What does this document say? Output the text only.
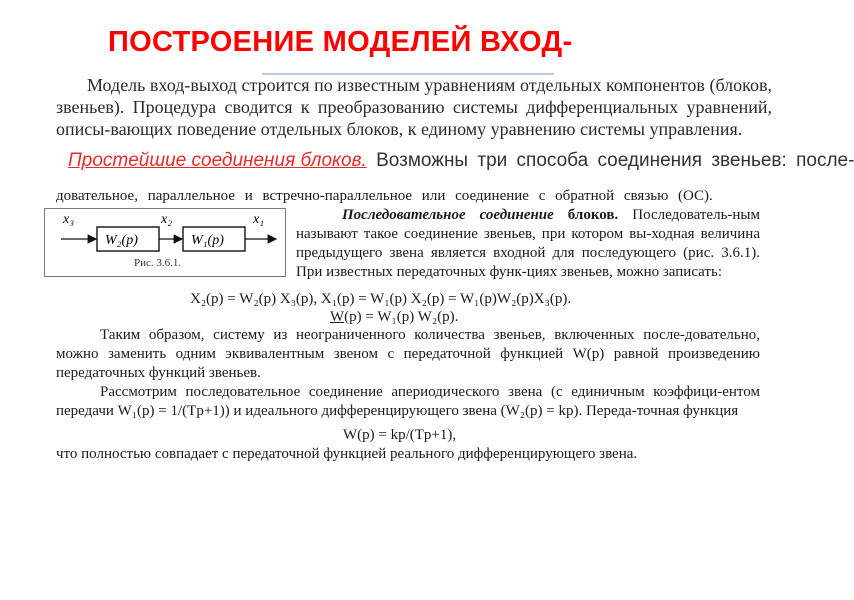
ПОСТРОЕНИЕ МОДЕЛЕЙ ВХОД-
Модель вход-выход строится по известным уравнениям отдельных компонентов (блоков, звеньев). Процедура сводится к преобразованию системы дифференциальных уравнений, описы-вающих поведение отдельных блоков, к единому уравнению системы управления.
Простейшие соединения блоков. Возможны три способа соединения звеньев: после-
довательное, параллельное и встречно-параллельное или соединение с обратной связью (ОС).
x₃	x₂	x₁
W₂(p)	W₁(p)
Рис. 3.6.1.
Последовательное соединение блоков. Последователь-ным называют такое соединение звеньев, при котором вы-ходная величина предыдущего звена является входной для последующего (рис. 3.6.1). При известных передаточных функ-циях звеньев, можно записать:
X₂(p) = W₂(p) X₃(p), X₁(p) = W₁(p) X₂(p) = W₁(p)W₂(p)X₃(p).
W(p) = W₁(p) W₂(p).
Таким образом, систему из неограниченного количества звеньев, включенных после-довательно, можно заменить одним эквивалентным звеном с передаточной функцией W(p) равной произведению передаточных функций звеньев.
Рассмотрим последовательное соединение апериодического звена (с единичным коэффици-ентом передачи W₁(p) = 1/(Tp+1)) и идеального дифференцирующего звена (W₂(p) = kp). Переда-точная функция
W(p) = kp/(Tp+1),
что полностью совпадает с передаточной функцией реального дифференцирующего звена.
